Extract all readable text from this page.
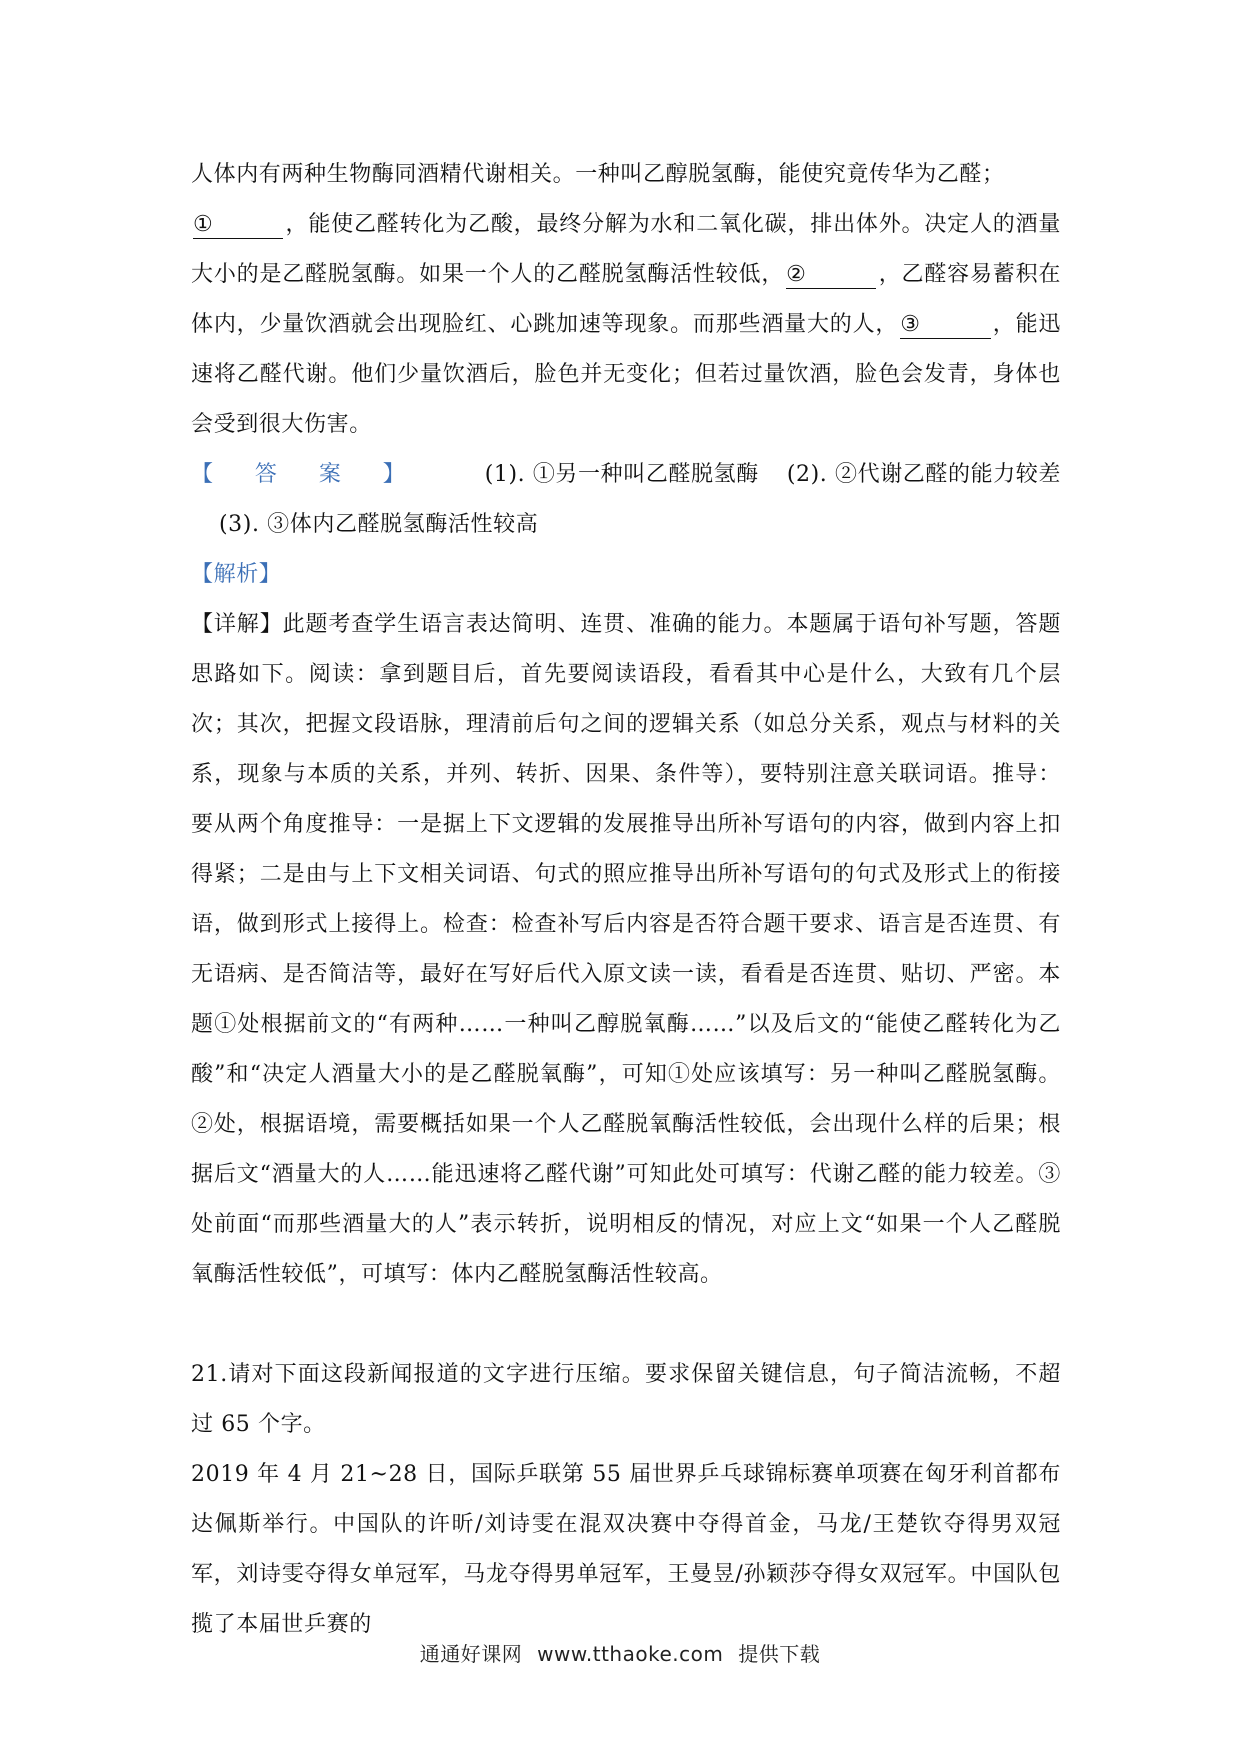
人体内有两种生物酶同酒精代谢相关。一种叫乙醇脱氢酶，能使究竟传华为乙醛；
①	，能使乙醛转化为乙酸，最终分解为水和二氧化碳，排出体外。决定人的酒量大小的是乙醛脱氢酶。如果一个人的乙醛脱氢酶活性较低，②	，乙醛容易蓄积在体内，少量饮酒就会出现脸红、心跳加速等现象。而那些酒量大的人，③	，能迅速将乙醛代谢。他们少量饮酒后，脸色并无变化；但若过量饮酒，脸色会发青，身体也会受到很大伤害。

【答案】 (1). ①另一种叫乙醛脱氢酶 (2). ②代谢乙醛的能力较差(3). ③体内乙醛脱氢酶活性较高

【解析】

【详解】此题考查学生语言表达简明、连贯、准确的能力。本题属于语句补写题，答题思路如下。阅读：拿到题目后，首先要阅读语段，看看其中心是什么，大致有几个层次；其次，把握文段语脉，理清前后句之间的逻辑关系（如总分关系，观点与材料的关系，现象与本质的关系，并列、转折、因果、条件等），要特别注意关联词语。推导：要从两个角度推导：一是据上下文逻辑的发展推导出所补写语句的内容，做到内容上扣得紧；二是由与上下文相关词语、句式的照应推导出所补写语句的句式及形式上的衔接语，做到形式上接得上。检查：检查补写后内容是否符合题干要求、语言是否连贯、有无语病、是否简洁等，最好在写好后代入原文读一读，看看是否连贯、贴切、严密。本题①处根据前文的“有两种……一种叫乙醇脱氧酶……”以及后文的“能使乙醛转化为乙酸”和“决定人酒量大小的是乙醛脱氧酶”，可知①处应该填写：另一种叫乙醛脱氢酶。②处，根据语境，需要概括如果一个人乙醛脱氧酶活性较低，会出现什么样的后果；根据后文“酒量大的人……能迅速将乙醛代谢”可知此处可填写：代谢乙醛的能力较差。③处前面“而那些酒量大的人”表示转折，说明相反的情况，对应上文“如果一个人乙醛脱氧酶活性较低”，可填写：体内乙醛脱氢酶活性较高。

21.请对下面这段新闻报道的文字进行压缩。要求保留关键信息，句子简洁流畅，不超过 65 个字。

2019 年 4 月 21~28 日，国际乒联第 55 届世界乒乓球锦标赛单项赛在匈牙利首都布达佩斯举行。中国队的许昕/刘诗雯在混双决赛中夺得首金，马龙/王楚钦夺得男双冠军，刘诗雯夺得女单冠军，马龙夺得男单冠军，王曼昱/孙颖莎夺得女双冠军。中国队包揽了本届世乒赛的

通通好课网 www.tthaoke.com 提供下载
